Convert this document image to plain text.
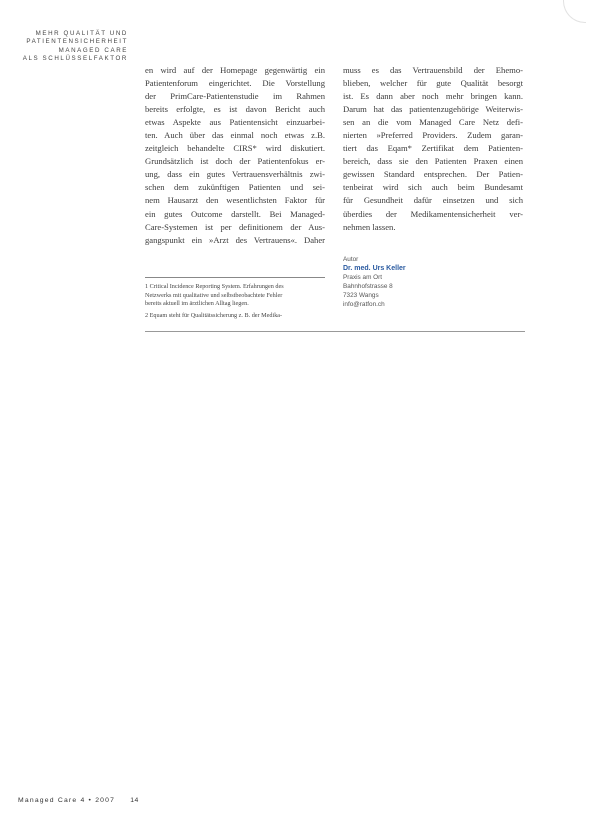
MEHR QUALITÄT UND
PATIENTENSICHERHEIT
MANAGED CARE
ALS SCHLÜSSELFAKTOR
en wird auf der Homepage gegenwärtig ein
Patientenforum eingerichtet. Die Vorstellung
der PrimCare-Patientenstudie im Rahmen
bereits erfolgte, es ist davon Bericht auch
etwas Aspekte aus Patientensicht einzuarbei-
ten. Auch über das einmal noch etwas z.B.
zeitgleich behandelte CIRS* wird diskutiert.
Grundsätzlich ist doch der Patientenfokus er-
ung, dass ein gutes Vertrauensverhältnis zwi-
schen dem zukünftigen Patienten und sei-
nem Hausarzt den wesentlichsten Faktor für
ein gutes Outcome darstellt. Bei Managed-
Care-Systemen ist per definitionem der Aus-
gangspunkt ein »Arzt des Vertrauens«. Daher
muss es das Vertrauensbild der Ehemo-
blieben, welcher für gute Qualität besorgt
ist. Es dann aber noch mehr bringen kann.
Darum hat das patientenzugehörige Weiterwis-
sen an die vom Managed Care Netz defi-
nierten »Preferred Providers. Zudem garan-
tiert das Eqam* Zertifikat dem Patienten-
bereich, dass sie den Patienten Praxen einen
gewissen Standard entsprechen. Der Patien-
tenbeirat wird sich auch beim Bundesamt
für Gesundheit dafür einsetzen und sich
überdies der Medikamentensicherheit ver-
nehmen lassen.
1 Critical Incidence Reporting System. Erfahrungen des
Netzwerks mit qualitative und selbstbeobachtete Fehler
bereits aktuell im ärztlichen Alltag liegen.
2 Equam steht für Qualitätssicherung z. B. der Medika-
Autor
Dr. med. Urs Keller
Praxis am Ort
Bahnhofstrasse 8
7323 Wangs
info@ratfon.ch
Managed Care 4 • 2007 14
